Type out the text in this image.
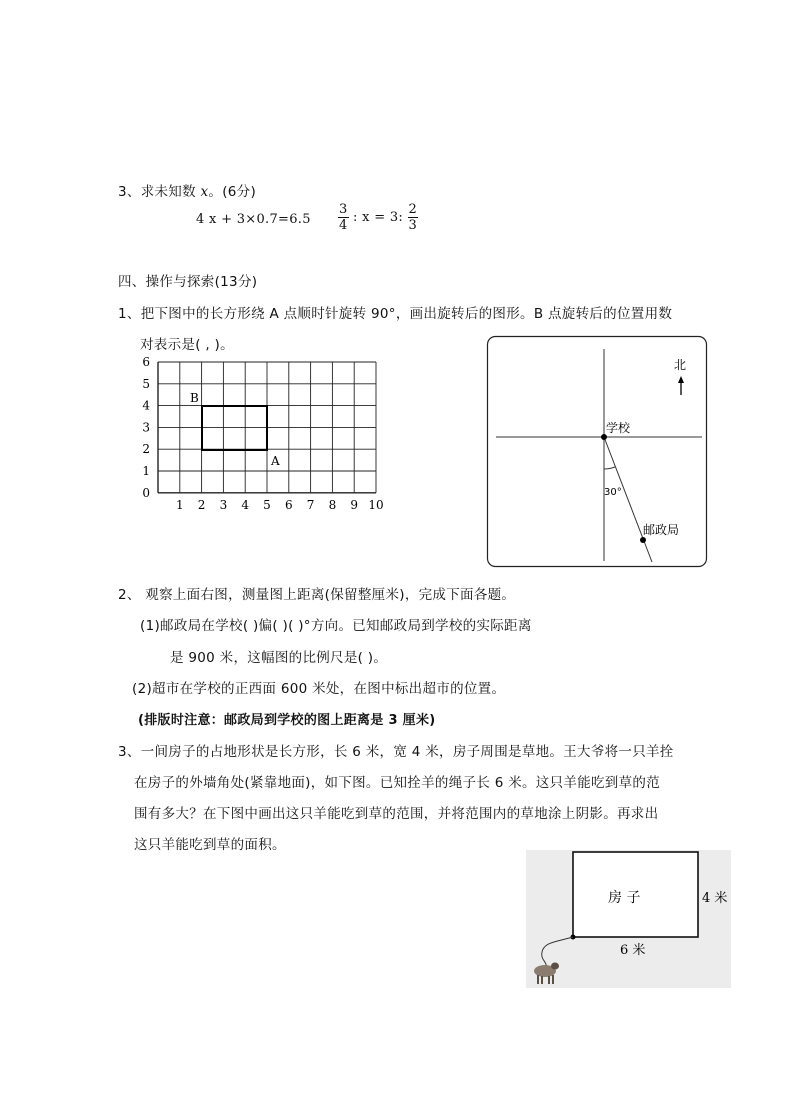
3、求未知数 x。(6分)
4 $x + 3\times 0.7=6.5 \frac{3}{4}$ : x = 3: $\frac{2}{3}$
四、操作与探索(13分)
1、把下图中的长方形绕 A 点顺时针旋转 90°，画出旋转后的图形。B 点旋转后的位置用数
对表示是( , )。
B
A
1 2 3 4 5 6 7 8 9 10
0
1
2
3
4
5
6
学校
30°
邮政局
北
2、 观察上面右图，测量图上距离(保留整厘米)，完成下面各题。
(1)邮政局在学校( )偏( )( )°方向。已知邮政局到学校的实际距离
是 900 米，这幅图的比例尺是( )。
(2)超市在学校的正西面 600 米处，在图中标出超市的位置。
(排版时注意：邮政局到学校的图上距离是 3 厘米)
3、一间房子的占地形状是长方形，长 6 米，宽 4 米，房子周围是草地。王大爷将一只羊拴
在房子的外墙角处(紧靠地面)，如下图。已知拴羊的绳子长 6 米。这只羊能吃到草的范
围有多大？在下图中画出这只羊能吃到草的范围，并将范围内的草地涂上阴影。再求出
这只羊能吃到草的面积。
房 子	4 米
6 米
